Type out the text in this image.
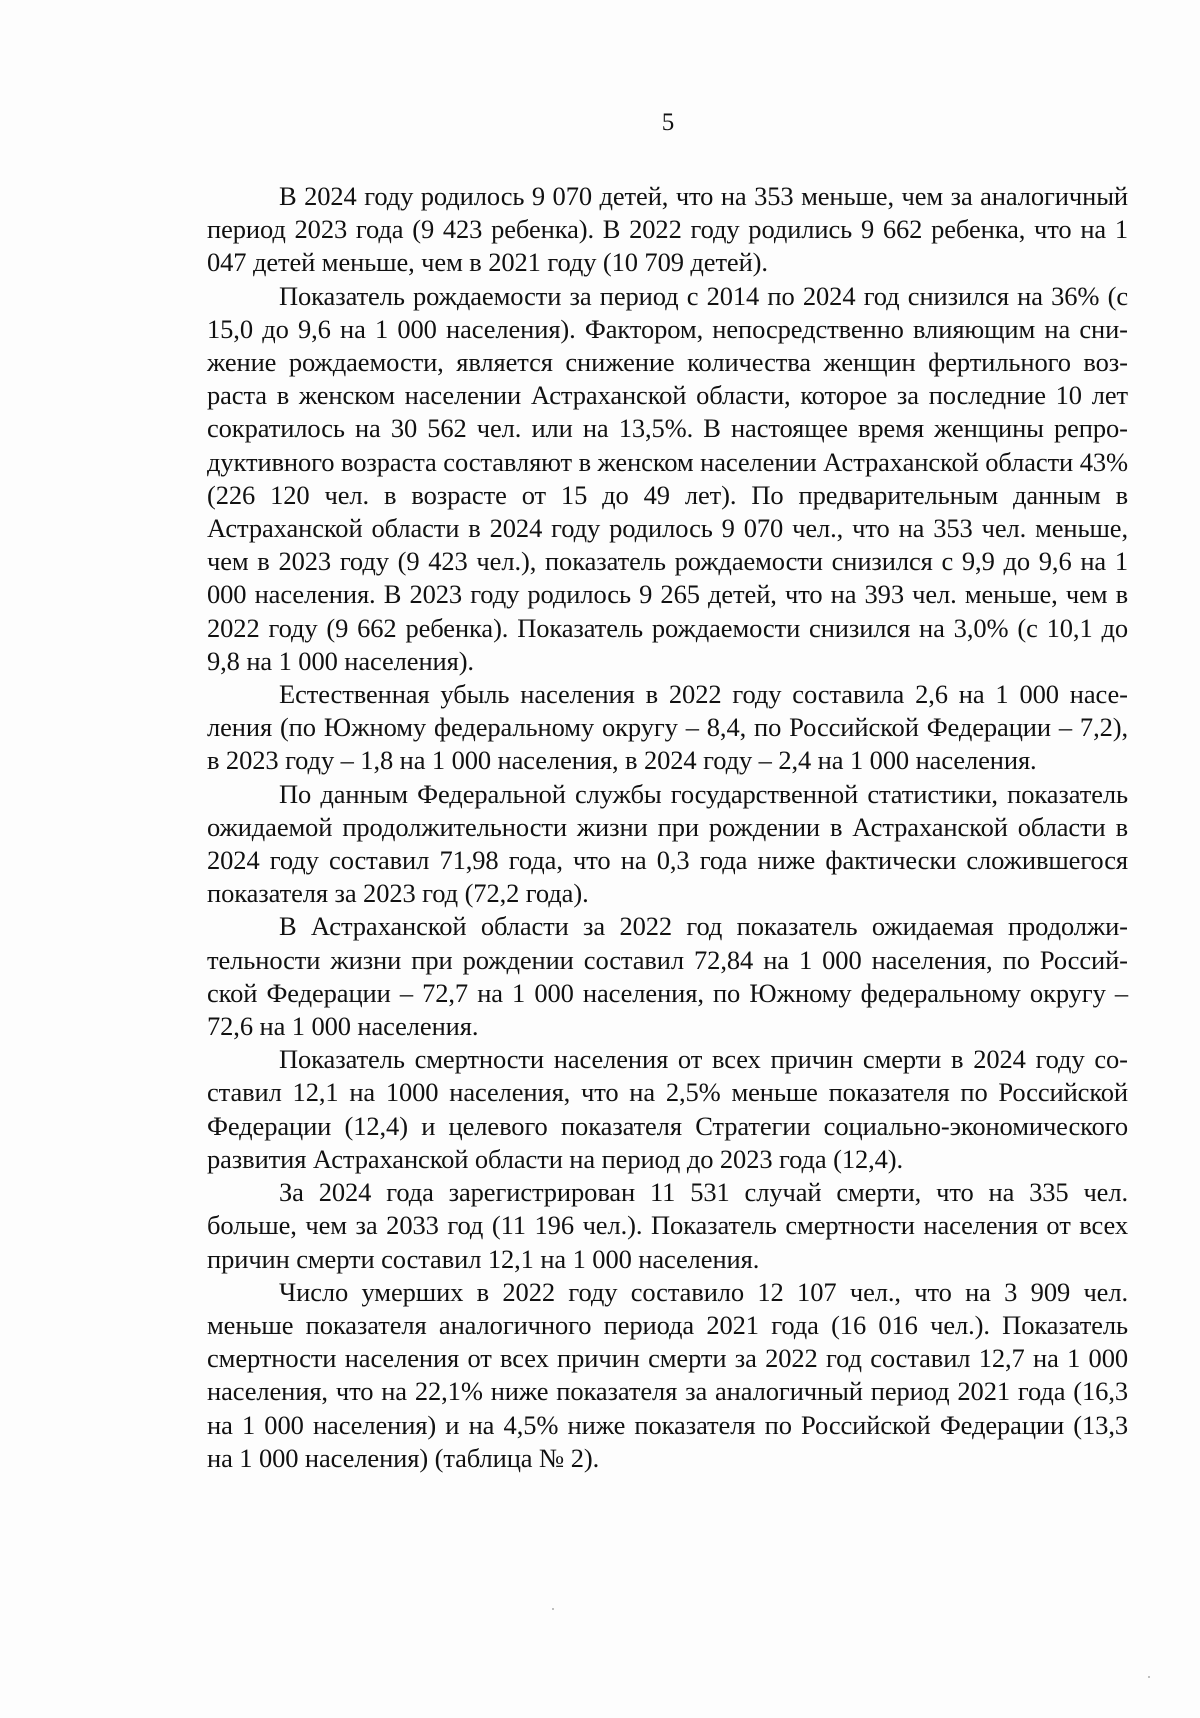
5

В 2024 году родилось 9 070 детей, что на 353 меньше, чем за аналогичный период 2023 года (9 423 ребенка). В 2022 году родились 9 662 ребенка, что на 1 047 детей меньше, чем в 2021 году (10 709 детей).

Показатель рождаемости за период с 2014 по 2024 год снизился на 36% (с 15,0 до 9,6 на 1 000 населения). Фактором, непосредственно влияющим на снижение рождаемости, является снижение количества женщин фертильного возраста в женском населении Астраханской области, которое за последние 10 лет сократилось на 30 562 чел. или на 13,5%. В настоящее время женщины репродуктивного возраста составляют в женском населении Астраханской области 43% (226 120 чел. в возрасте от 15 до 49 лет). По предварительным данным в Астраханской области в 2024 году родилось 9 070 чел., что на 353 чел. меньше, чем в 2023 году (9 423 чел.), показатель рождаемости снизился с 9,9 до 9,6 на 1 000 населения. В 2023 году родилось 9 265 детей, что на 393 чел. меньше, чем в 2022 году (9 662 ребенка). Показатель рождаемости снизился на 3,0% (с 10,1 до 9,8 на 1 000 населения).

Естественная убыль населения в 2022 году составила 2,6 на 1 000 населения (по Южному федеральному округу – 8,4, по Российской Федерации – 7,2), в 2023 году – 1,8 на 1 000 населения, в 2024 году – 2,4 на 1 000 населения.

По данным Федеральной службы государственной статистики, показатель ожидаемой продолжительности жизни при рождении в Астраханской области в 2024 году составил 71,98 года, что на 0,3 года ниже фактически сложившегося показателя за 2023 год (72,2 года).

В Астраханской области за 2022 год показатель ожидаемая продолжительности жизни при рождении составил 72,84 на 1 000 населения, по Российской Федерации – 72,7 на 1 000 населения, по Южному федеральному округу – 72,6 на 1 000 населения.

Показатель смертности населения от всех причин смерти в 2024 году составил 12,1 на 1000 населения, что на 2,5% меньше показателя по Российской Федерации (12,4) и целевого показателя Стратегии социально-экономического развития Астраханской области на период до 2023 года (12,4).

За 2024 года зарегистрирован 11 531 случай смерти, что на 335 чел. больше, чем за 2033 год (11 196 чел.). Показатель смертности населения от всех причин смерти составил 12,1 на 1 000 населения.

Число умерших в 2022 году составило 12 107 чел., что на 3 909 чел. меньше показателя аналогичного периода 2021 года (16 016 чел.). Показатель смертности населения от всех причин смерти за 2022 год составил 12,7 на 1 000 населения, что на 22,1% ниже показателя за аналогичный период 2021 года (16,3 на 1 000 населения) и на 4,5% ниже показателя по Российской Федерации (13,3 на 1 000 населения) (таблица № 2).
